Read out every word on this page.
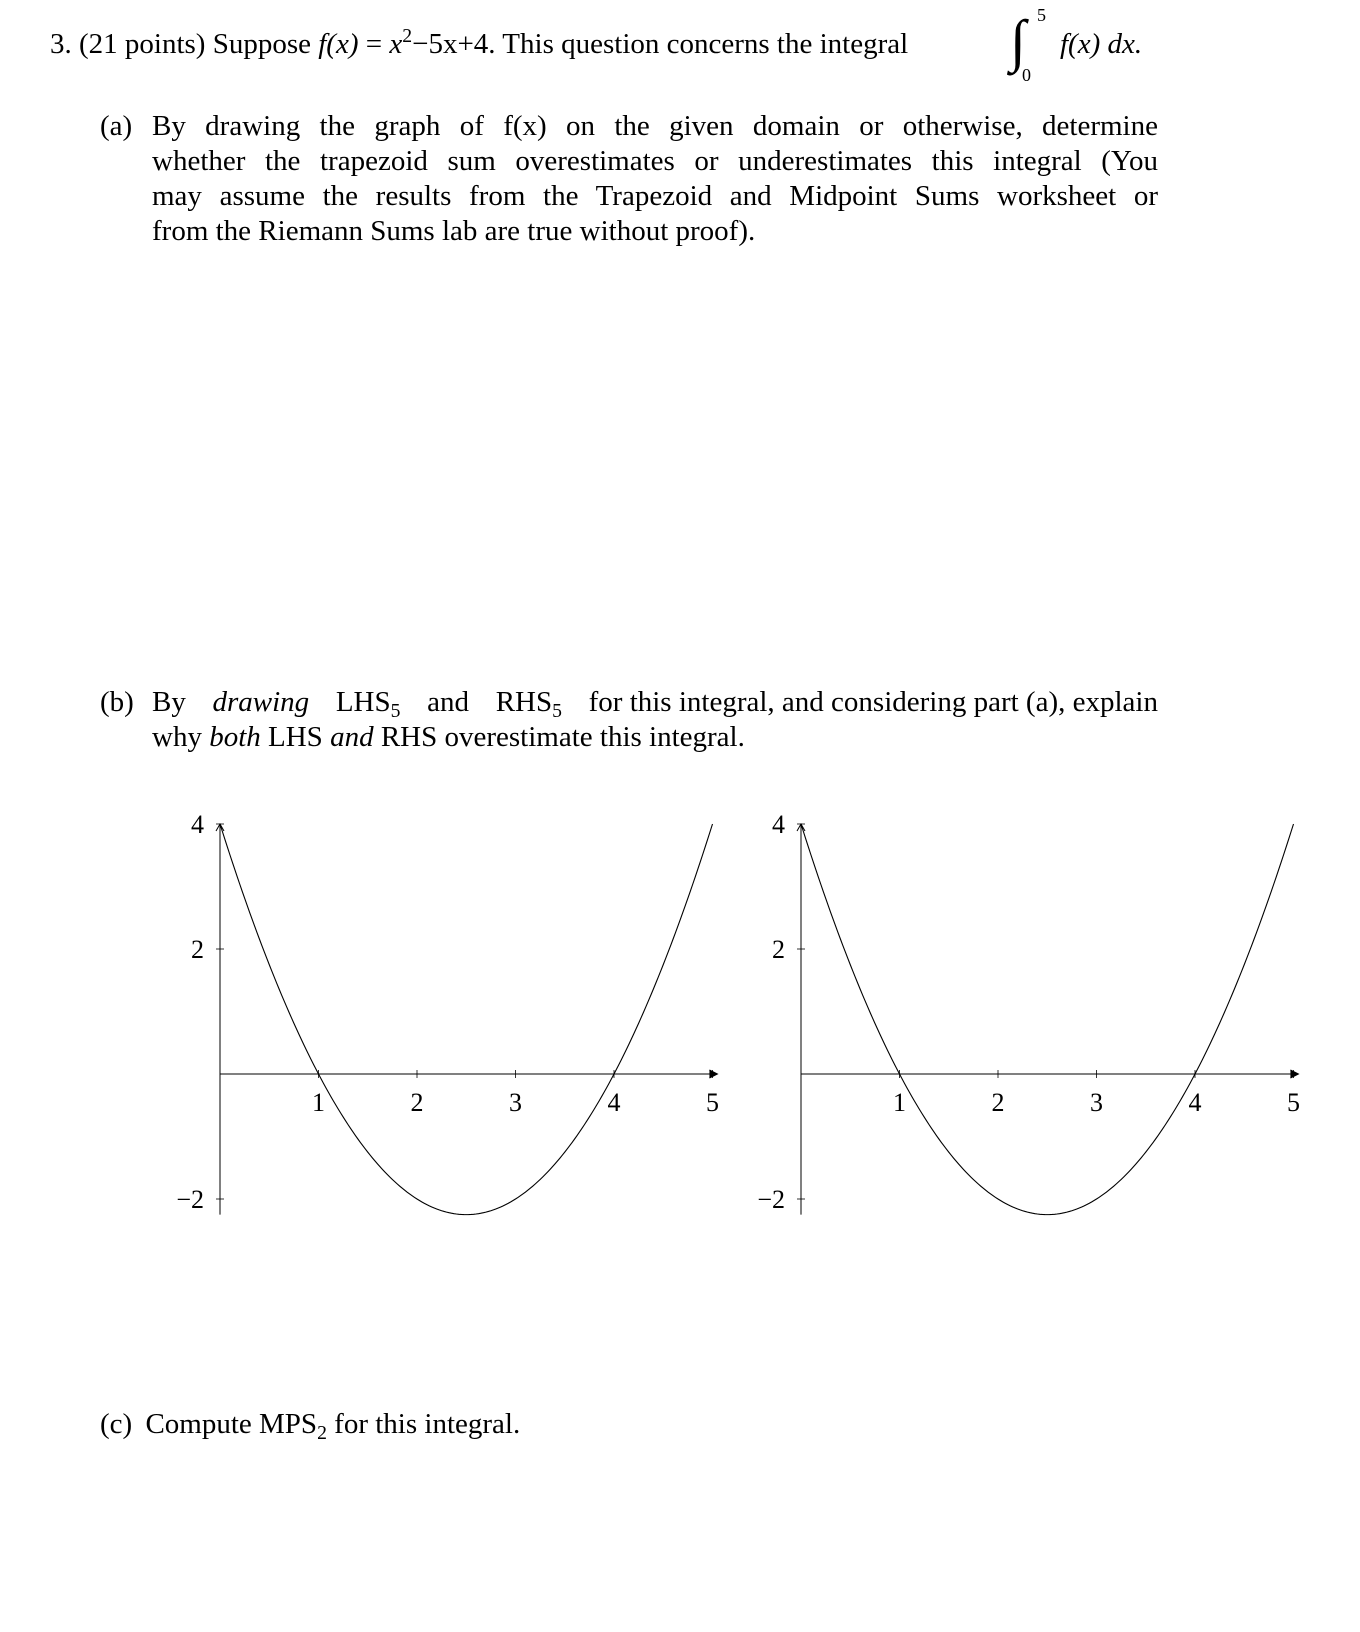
3. (21 points) Suppose $f(x) = x^2-5x+4$. This question concerns the integral ∫ 5
0
f(x) dx.
(a) By drawing the graph of f(x) on the given domain or otherwise, determine
whether the trapezoid sum overestimates or underestimates this integral (You
may assume the results from the Trapezoid and Midpoint Sums worksheet or
from the Riemann Sums lab are true without proof).
(b) By drawing $LHS_5$ and $RHS_5$ for this integral, and considering part (a), explain
why both LHS and RHS overestimate this integral.
1	2	3	4	5
4
2
−2
1	2	3	4	5
4
2
−2
(c) Compute $MPS_2$ for this integral.
